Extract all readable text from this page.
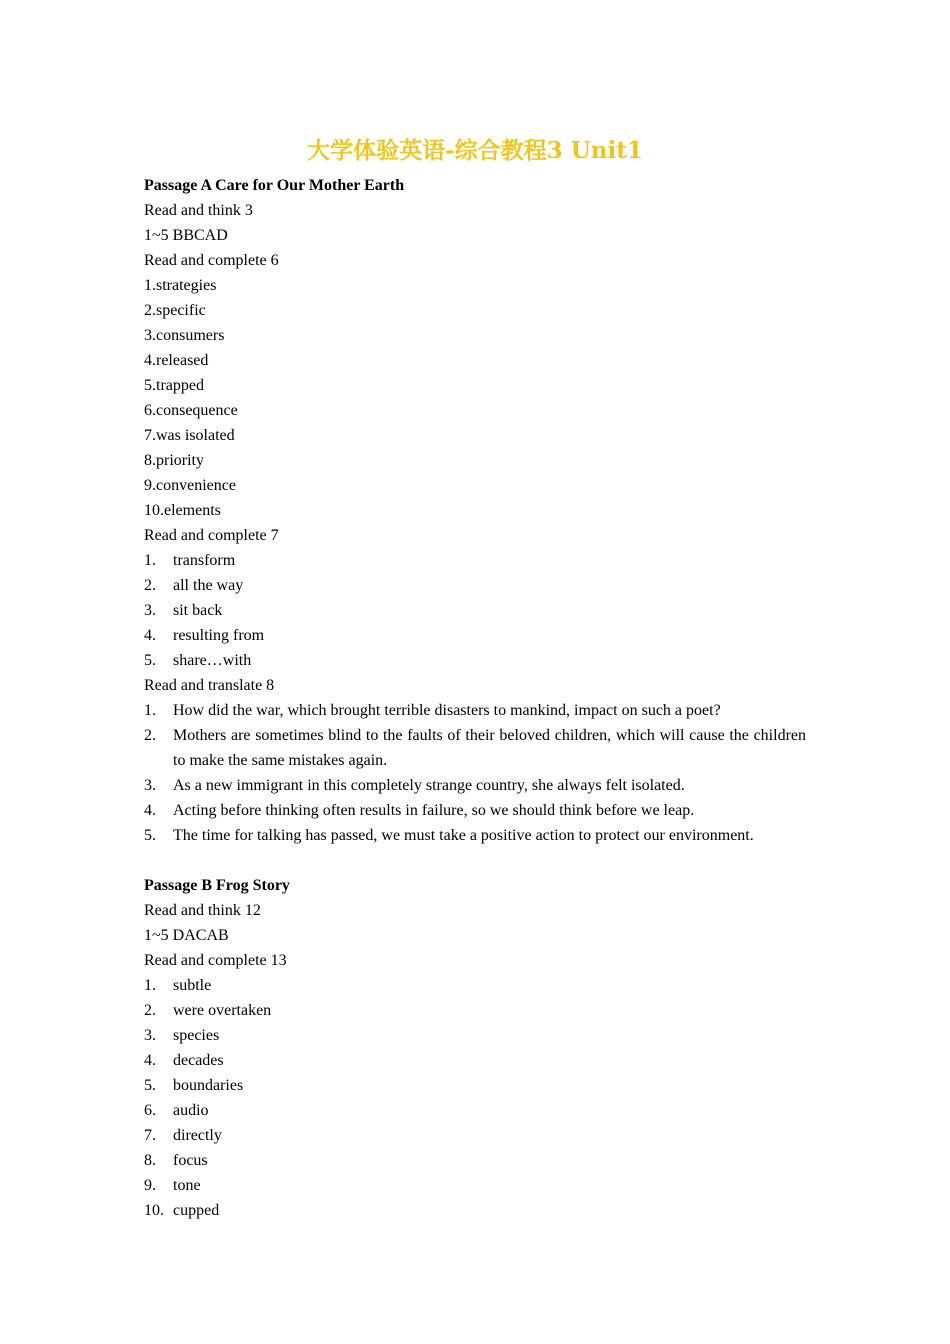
大学体验英语-综合教程3 Unit1
Passage A Care for Our Mother Earth
Read and think 3
1~5 BBCAD
Read and complete 6
1.strategies
2.specific
3.consumers
4.released
5.trapped
6.consequence
7.was isolated
8.priority
9.convenience
10.elements
Read and complete 7
1.	transform
2.	all the way
3.	sit back
4.	resulting from
5.	share…with
Read and translate 8
1.	How did the war, which brought terrible disasters to mankind, impact on such a poet?
2.	Mothers are sometimes blind to the faults of their beloved children, which will cause the children to make the same mistakes again.
3.	As a new immigrant in this completely strange country, she always felt isolated.
4.	Acting before thinking often results in failure, so we should think before we leap.
5.	The time for talking has passed, we must take a positive action to protect our environment.
Passage B Frog Story
Read and think 12
1~5 DACAB
Read and complete 13
1.	subtle
2.	were overtaken
3.	species
4.	decades
5.	boundaries
6.	audio
7.	directly
8.	focus
9.	tone
10. cupped
